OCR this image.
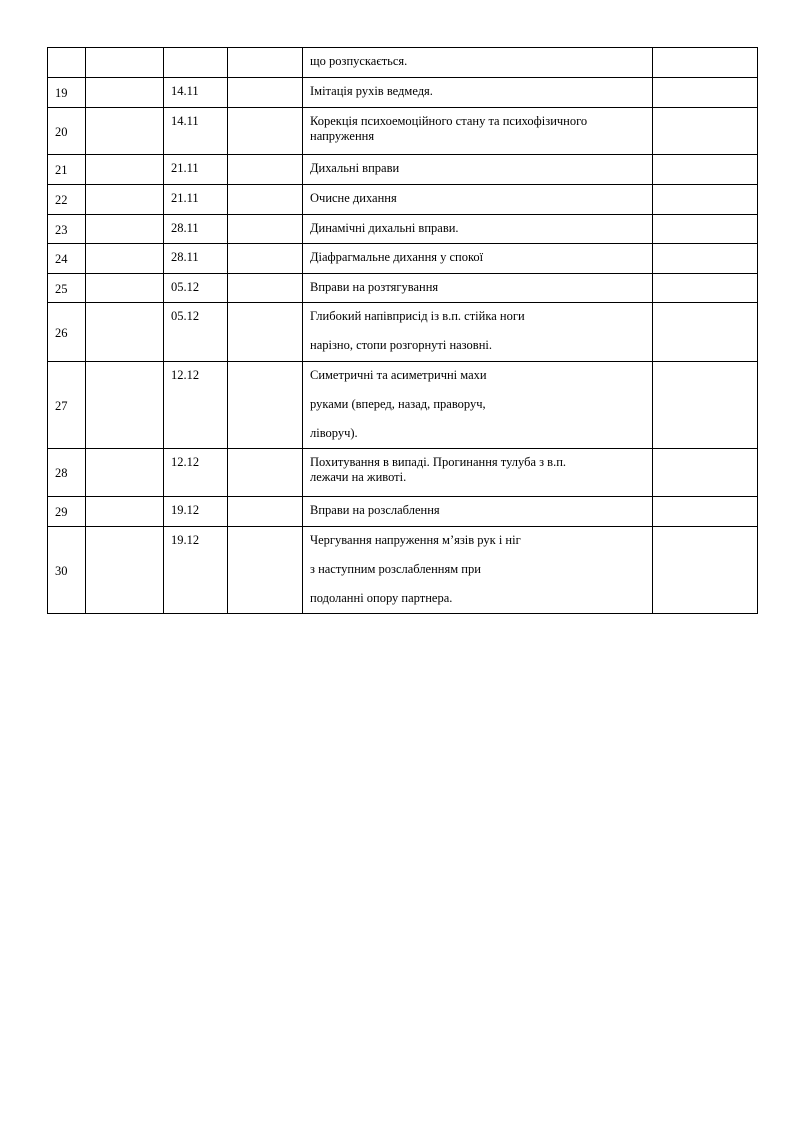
				що розпускається.	

19		14.11		Імітація рухів ведмедя.	

20		14.11		Корекція психоемоційного стану та психофізичного
напруження	

21		21.11		Дихальні вправи	

22		21.11		Очисне дихання	

23		28.11		Динамічні дихальні вправи.	

24		28.11		Діафрагмальне дихання у спокої	

25		05.12		Вправи на розтягування	

26		05.12		Глибокий напівприсід із в.п. стійка ноги
нарізно, стопи розгорнуті назовні.	

27		12.12		Симетричні та асиметричні махи
руками (вперед, назад, праворуч,
ліворуч).	

28		12.12		Похитування в випаді. Прогинання тулуба з в.п.
лежачи на животі.	

29		19.12		Вправи на розслаблення	

30		19.12		Чергування напруження м’язів рук і ніг
з наступним розслабленням при
подоланні опору партнера.	
